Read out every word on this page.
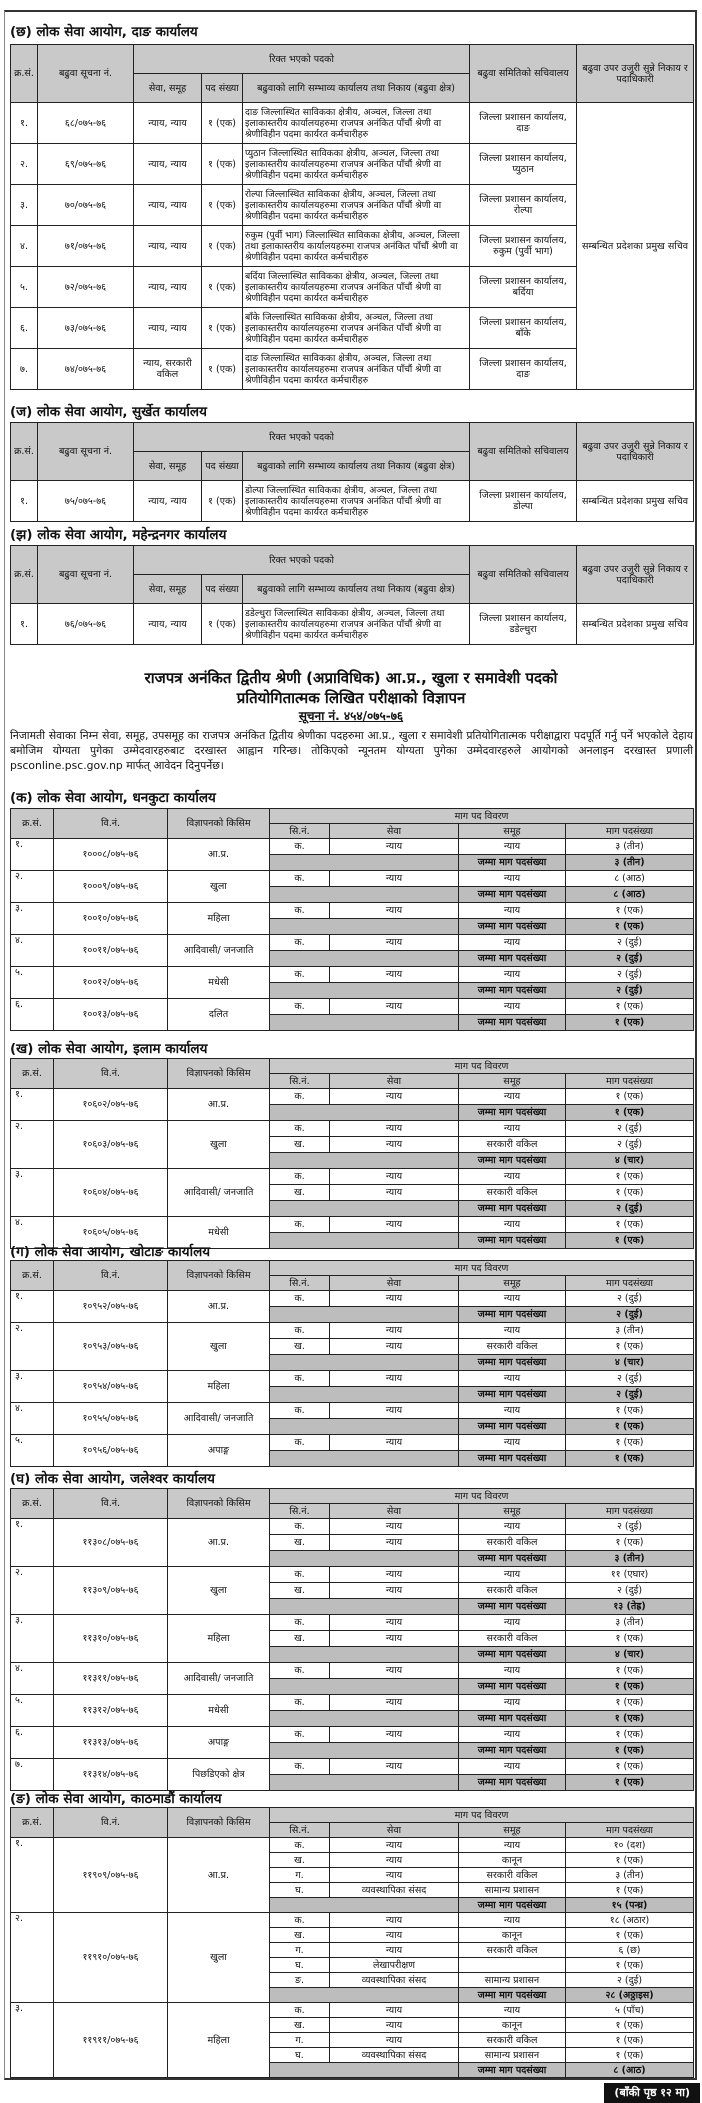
(छ) लोक सेवा आयोग, दाङ कार्यालय
क्र.सं.	बढुवा सूचना नं.	रिक्त भएको पदको			बढुवा समितिको सचिवालय	बढुवा उपर उजुरी सुन्ने निकाय र पदाधिकारी
		सेवा, समूह	पद संख्या	बढुवाको लागि सम्भाव्य कार्यालय तथा निकाय (बढुवा क्षेत्र)		
१.	६८/०७५-७६	न्याय, न्याय	१ (एक)	दाङ जिल्लास्थित साविकका क्षेत्रीय, अञ्चल, जिल्ला तथा इलाकास्तरीय कार्यालयहरुमा राजपत्र अनंकित पाँचौं श्रेणी वा श्रेणीविहीन पदमा कार्यरत कर्मचारीहरु	जिल्ला प्रशासन कार्यालय, दाङ	सम्बन्धित प्रदेशका प्रमुख सचिव
२.	६९/०७५-७६	न्याय, न्याय	१ (एक)	प्युठान जिल्लास्थित साविकका क्षेत्रीय, अञ्चल, जिल्ला तथा इलाकास्तरीय कार्यालयहरुमा राजपत्र अनंकित पाँचौं श्रेणी वा श्रेणीविहीन पदमा कार्यरत कर्मचारीहरु	जिल्ला प्रशासन कार्यालय, प्युठान	
३.	७०/०७५-७६	न्याय, न्याय	१ (एक)	रोल्पा जिल्लास्थित साविकका क्षेत्रीय, अञ्चल, जिल्ला तथा इलाकास्तरीय कार्यालयहरुमा राजपत्र अनंकित पाँचौं श्रेणी वा श्रेणीविहीन पदमा कार्यरत कर्मचारीहरु	जिल्ला प्रशासन कार्यालय, रोल्पा	
४.	७१/०७५-७६	न्याय, न्याय	१ (एक)	रुकुम (पुर्वी भाग) जिल्लास्थित साविकका क्षेत्रीय, अञ्चल, जिल्ला तथा इलाकास्तरीय कार्यालयहरुमा राजपत्र अनंकित पाँचौं श्रेणी वा श्रेणीविहीन पदमा कार्यरत कर्मचारीहरु	जिल्ला प्रशासन कार्यालय, रुकुम (पुर्वी भाग)	
५.	७२/०७५-७६	न्याय, न्याय	१ (एक)	बर्दिया जिल्लास्थित साविकका क्षेत्रीय, अञ्चल, जिल्ला तथा इलाकास्तरीय कार्यालयहरुमा राजपत्र अनंकित पाँचौं श्रेणी वा श्रेणीविहीन पदमा कार्यरत कर्मचारीहरु	जिल्ला प्रशासन कार्यालय, बर्दिया	
६.	७३/०७५-७६	न्याय, न्याय	१ (एक)	बाँके जिल्लास्थित साविकका क्षेत्रीय, अञ्चल, जिल्ला तथा इलाकास्तरीय कार्यालयहरुमा राजपत्र अनंकित पाँचौं श्रेणी वा श्रेणीविहीन पदमा कार्यरत कर्मचारीहरु	जिल्ला प्रशासन कार्यालय, बाँके	
७.	७४/०७५-७६	न्याय, सरकारी वकिल	१ (एक)	दाङ जिल्लास्थित साविकका क्षेत्रीय, अञ्चल, जिल्ला तथा इलाकास्तरीय कार्यालयहरुमा राजपत्र अनंकित पाँचौं श्रेणी वा श्रेणीविहीन पदमा कार्यरत कर्मचारीहरु	जिल्ला प्रशासन कार्यालय, दाङ	
(ज) लोक सेवा आयोग, सुर्खेत कार्यालय
क्र.सं.	बढुवा सूचना नं.	रिक्त भएको पदको			बढुवा समितिको सचिवालय	बढुवा उपर उजुरी सुन्ने निकाय र पदाधिकारी
		सेवा, समूह	पद संख्या	बढुवाको लागि सम्भाव्य कार्यालय तथा निकाय (बढुवा क्षेत्र)		
१.	७५/०७५-७६	न्याय, न्याय	१ (एक)	डोल्पा जिल्लास्थित साविकका क्षेत्रीय, अञ्चल, जिल्ला तथा इलाकास्तरीय कार्यालयहरुमा राजपत्र अनंकित पाँचौं श्रेणी वा श्रेणीविहीन पदमा कार्यरत कर्मचारीहरु	जिल्ला प्रशासन कार्यालय, डोल्पा	सम्बन्धित प्रदेशका प्रमुख सचिव
(झ) लोक सेवा आयोग, महेन्द्रनगर कार्यालय
क्र.सं.	बढुवा सूचना नं.	रिक्त भएको पदको			बढुवा समितिको सचिवालय	बढुवा उपर उजुरी सुन्ने निकाय र पदाधिकारी
		सेवा, समूह	पद संख्या	बढुवाको लागि सम्भाव्य कार्यालय तथा निकाय (बढुवा क्षेत्र)		
१.	७६/०७५-७६	न्याय, न्याय	१ (एक)	डडेल्धुरा जिल्लास्थित साविकका क्षेत्रीय, अञ्चल, जिल्ला तथा इलाकास्तरीय कार्यालयहरुमा राजपत्र अनंकित पाँचौं श्रेणी वा श्रेणीविहीन पदमा कार्यरत कर्मचारीहरु	जिल्ला प्रशासन कार्यालय, डडेल्धुरा	सम्बन्धित प्रदेशका प्रमुख सचिव
(क) लोक सेवा आयोग, धनकुटा कार्यालय
क्र.सं.	वि.नं.	विज्ञापनको किसिम	माग पद विवरण			
			सि.नं.	सेवा	समूह	माग पदसंख्या
१.	१०००८/०७५-७६	आ.प्र.	क.	न्याय	न्याय	३ (तीन)
					जम्मा माग पदसंख्या	३ (तीन)
२.	१०००९/०७५-७६	खुला	क.	न्याय	न्याय	८ (आठ)
					जम्मा माग पदसंख्या	८ (आठ)
३.	१००१०/०७५-७६	महिला	क.	न्याय	न्याय	१ (एक)
					जम्मा माग पदसंख्या	१ (एक)
४.	१००११/०७५-७६	आदिवासी/ जनजाति	क.	न्याय	न्याय	२ (दुई)
					जम्मा माग पदसंख्या	२ (दुई)
५.	१००१२/०७५-७६	मधेसी	क.	न्याय	न्याय	२ (दुई)
					जम्मा माग पदसंख्या	२ (दुई)
६.	१००१३/०७५-७६	दलित	क.	न्याय	न्याय	१ (एक)
					जम्मा माग पदसंख्या	१ (एक)
(ख) लोक सेवा आयोग, इलाम कार्यालय
क्र.सं.	वि.नं.	विज्ञापनको किसिम	माग पद विवरण			
			सि.नं.	सेवा	समूह	माग पदसंख्या
१.	१०६०२/०७५-७६	आ.प्र.	क.	न्याय	न्याय	१ (एक)
					जम्मा माग पदसंख्या	१ (एक)
२.	१०६०३/०७५-७६	खुला	क.	न्याय	न्याय	२ (दुई)
			ख.	न्याय	सरकारी वकिल	२ (दुई)
					जम्मा माग पदसंख्या	४ (चार)
३.	१०६०४/०७५-७६	आदिवासी/ जनजाति	क.	न्याय	न्याय	१ (एक)
			ख.	न्याय	सरकारी वकिल	१ (एक)
					जम्मा माग पदसंख्या	२ (दुई)
४.	१०६०५/०७५-७६	मधेसी	क.	न्याय	न्याय	१ (एक)
					जम्मा माग पदसंख्या	१ (एक)
(ग) लोक सेवा आयोग, खोटाङ कार्यालय
क्र.सं.	वि.नं.	विज्ञापनको किसिम	माग पद विवरण			
			सि.नं.	सेवा	समूह	माग पदसंख्या
१.	१०९५२/०७५-७६	आ.प्र.	क.	न्याय	न्याय	२ (दुई)
					जम्मा माग पदसंख्या	२ (दुई)
२.	१०९५३/०७५-७६	खुला	क.	न्याय	न्याय	३ (तीन)
			ख.	न्याय	सरकारी वकिल	१ (एक)
					जम्मा माग पदसंख्या	४ (चार)
३.	१०९५४/०७५-७६	महिला	क.	न्याय	न्याय	२ (दुई)
					जम्मा माग पदसंख्या	२ (दुई)
४.	१०९५५/०७५-७६	आदिवासी/ जनजाति	क.	न्याय	न्याय	१ (एक)
					जम्मा माग पदसंख्या	१ (एक)
५.	१०९५६/०७५-७६	अपाङ्ग	क.	न्याय	न्याय	१ (एक)
					जम्मा माग पदसंख्या	१ (एक)
(घ) लोक सेवा आयोग, जलेश्वर कार्यालय
क्र.सं.	वि.नं.	विज्ञापनको किसिम	माग पद विवरण			
			सि.नं.	सेवा	समूह	माग पदसंख्या
१.	११३०८/०७५-७६	आ.प्र.	क.	न्याय	न्याय	२ (दुई)
			ख.	न्याय	सरकारी वकिल	१ (एक)
					जम्मा माग पदसंख्या	३ (तीन)
२.	११३०९/०७५-७६	खुला	क.	न्याय	न्याय	११ (एघार)
			ख.	न्याय	सरकारी वकिल	२ (दुई)
					जम्मा माग पदसंख्या	१३ (तेह्र)
३.	११३१०/०७५-७६	महिला	क.	न्याय	न्याय	३ (तीन)
			ख.	न्याय	सरकारी वकिल	१ (एक)
					जम्मा माग पदसंख्या	४ (चार)
४.	११३११/०७५-७६	आदिवासी/ जनजाति	क.	न्याय	न्याय	१ (एक)
					जम्मा माग पदसंख्या	१ (एक)
५.	११३१२/०७५-७६	मधेसी	क.	न्याय	न्याय	१ (एक)
					जम्मा माग पदसंख्या	१ (एक)
६.	११३१३/०७५-७६	अपाङ्ग	क.	न्याय	न्याय	१ (एक)
					जम्मा माग पदसंख्या	१ (एक)
७.	११३१४/०७५-७६	पिछडिएको क्षेत्र	क.	न्याय	न्याय	१ (एक)
					जम्मा माग पदसंख्या	१ (एक)
(ङ) लोक सेवा आयोग, काठमाडौं कार्यालय
क्र.सं.	वि.नं.	विज्ञापनको किसिम	माग पद विवरण			
			सि.नं.	सेवा	समूह	माग पदसंख्या
१.	११९०९/०७५-७६	आ.प्र.	क.	न्याय	न्याय	१० (दश)
			ख.	न्याय	कानून	१ (एक)
			ग.	न्याय	सरकारी वकिल	३ (तीन)
			घ.	व्यवस्थापिका संसद	सामान्य प्रशासन	१ (एक)
					जम्मा माग पदसंख्या	१५ (पन्ध्र)
२.	११९१०/०७५-७६	खुला	क.	न्याय	न्याय	१८ (अठार)
			ख.	न्याय	कानून	१ (एक)
			ग.	न्याय	सरकारी वकिल	६ (छ)
			घ.	लेखापरीक्षण		१ (एक)
			ङ.	व्यवस्थापिका संसद	सामान्य प्रशासन	२ (दुई)
					जम्मा माग पदसंख्या	२८ (अठ्ठाइस)
३.	११९११/०७५-७६	महिला	क.	न्याय	न्याय	५ (पाँच)
			ख.	न्याय	कानून	१ (एक)
			ग.	न्याय	सरकारी वकिल	१ (एक)
			घ.	व्यवस्थापिका संसद	सामान्य प्रशासन	१ (एक)
					जम्मा माग पदसंख्या	८ (आठ)
राजपत्र अनंकित द्वितीय श्रेणी (अप्राविधिक) आ.प्र., खुला र समावेशी पदको
प्रतियोगितात्मक लिखित परीक्षाको विज्ञापन
सूचना नं. ४५४/०७५-७६
निजामती सेवाका निम्न सेवा, समूह, उपसमूह का राजपत्र अनंकित द्वितीय श्रेणीका पदहरुमा आ.प्र., खुला र समावेशी प्रतियोगितात्मक परीक्षाद्वारा पदपूर्ति गर्नु पर्ने भएकोले देहाय बमोजिम योग्यता पुगेका उम्मेदवारहरुबाट दरखास्त आह्वान गरिन्छ। तोकिएको न्यूनतम योग्यता पुगेका उम्मेदवारहरुले आयोगको अनलाइन दरखास्त प्रणाली psconline.psc.gov.np मार्फत् आवेदन दिनुपर्नेछ।
(बाँकी पृष्ठ १२ मा)
